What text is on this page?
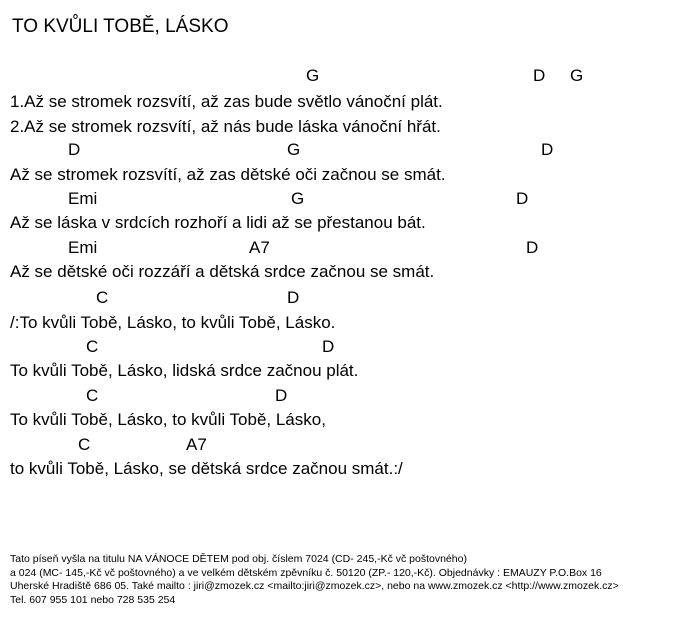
TO KVŮLI TOBĚ, LÁSKO
G	D G
1.Až se stromek rozsvítí, až zas bude světlo vánoční plát.
2.Až se stromek rozsvítí, až nás bude láska vánoční hřát.
D	G	D
Až se stromek rozsvítí, až zas dětské oči začnou se smát.
Emi	G	D
Až se láska v srdcích rozhoří a lidi až se přestanou bát.
Emi	A7	D
Až se dětské oči rozzáří a dětská srdce začnou se smát.
C	D
/:To kvůli Tobě, Lásko, to kvůli Tobě, Lásko.
C	D
To kvůli Tobě, Lásko, lidská srdce začnou plát.
C	D
To kvůli Tobě, Lásko, to kvůli Tobě, Lásko,
C	A7
to kvůli Tobě, Lásko, se dětská srdce začnou smát.:/
Tato píseň vyšla na titulu NA VÁNOCE DĚTEM pod obj. číslem 7024 (CD- 245,-Kč vč poštovného)
a 024 (MC- 145,-Kč vč poštovného) a ve velkém dětském zpěvníku č. 50120 (ZP.- 120,-Kč). Objednávky : EMAUZY P.O.Box 16
Uherské Hradiště 686 05. Také mailto : jiri@zmozek.cz <mailto:jiri@zmozek.cz>, nebo na www.zmozek.cz <http://www.zmozek.cz>
Tel. 607 955 101 nebo 728 535 254
